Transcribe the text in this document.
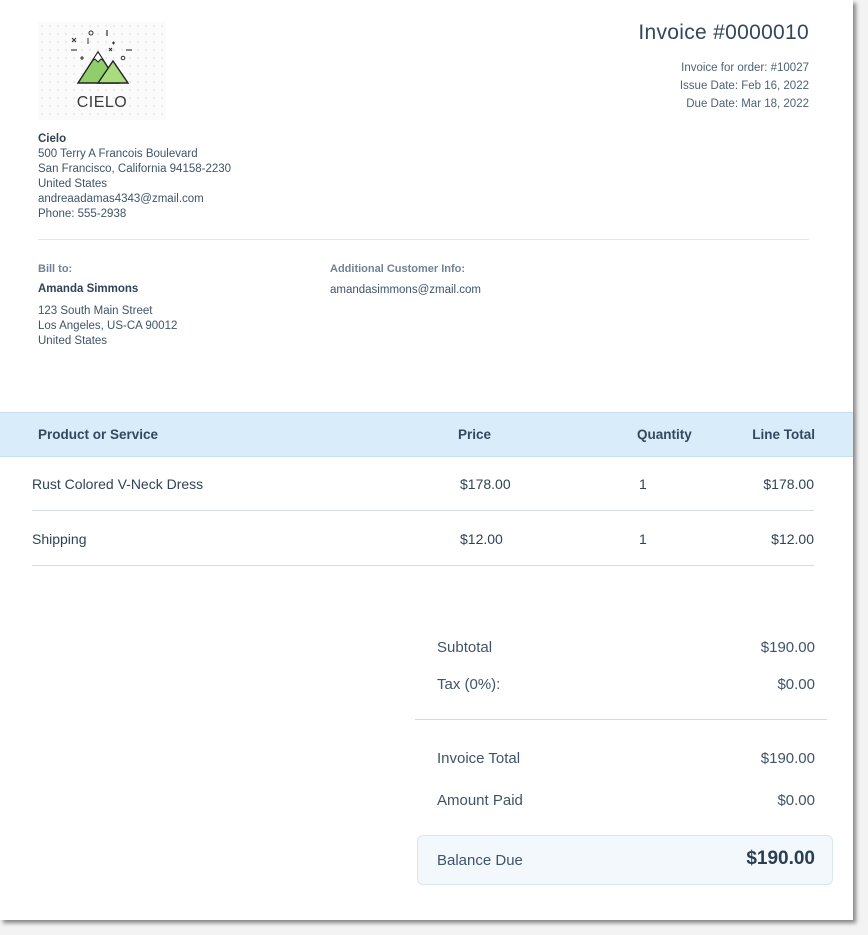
CIELO
Invoice #0000010
Invoice for order: #10027
Issue Date: Feb 16, 2022
Due Date: Mar 18, 2022
Cielo
500 Terry A Francois Boulevard
San Francisco, California 94158-2230
United States
andreaadamas4343@zmail.com
Phone: 555-2938
Bill to:
Amanda Simmons
123 South Main Street
Los Angeles, US-CA 90012
United States
Additional Customer Info:
amandasimmons@zmail.com
Product or Service	Price	Quantity	Line Total
Rust Colored V-Neck Dress	$178.00	1	$178.00
Shipping	$12.00	1	$12.00
Subtotal	$190.00
Tax (0%):	$0.00
Invoice Total	$190.00
Amount Paid	$0.00
Balance Due	$190.00
